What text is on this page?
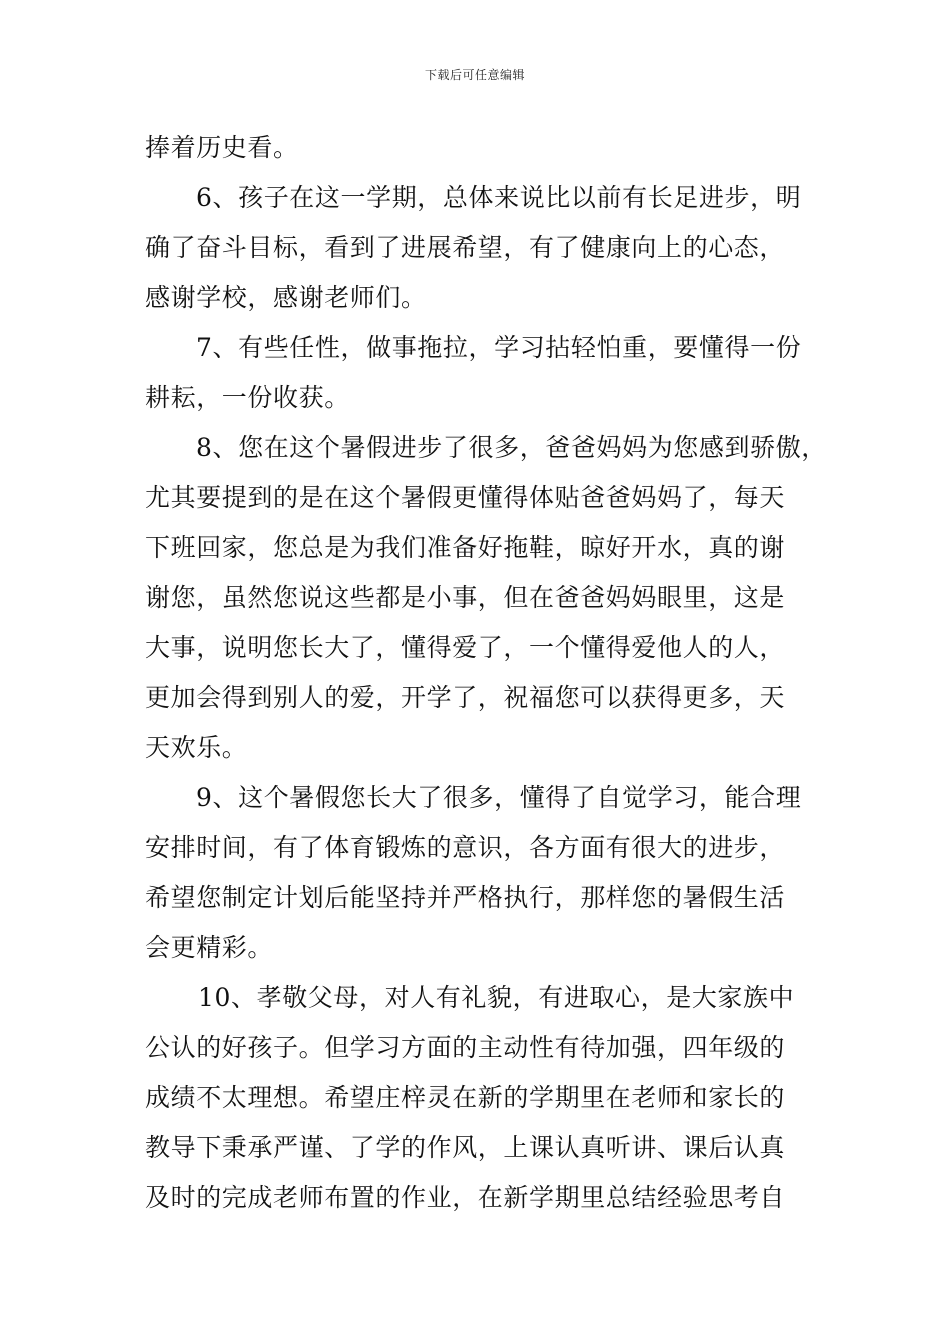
下载后可任意编辑
捧着历史看。
6、孩子在这一学期，总体来说比以前有长足进步，明
确了奋斗目标，看到了进展希望，有了健康向上的心态，
感谢学校，感谢老师们。
7、有些任性，做事拖拉，学习拈轻怕重，要懂得一份
耕耘，一份收获。
8、您在这个暑假进步了很多，爸爸妈妈为您感到骄傲，
尤其要提到的是在这个暑假更懂得体贴爸爸妈妈了，每天
下班回家，您总是为我们准备好拖鞋，晾好开水，真的谢
谢您，虽然您说这些都是小事，但在爸爸妈妈眼里，这是
大事，说明您长大了，懂得爱了，一个懂得爱他人的人，
更加会得到别人的爱，开学了，祝福您可以获得更多，天
天欢乐。
9、这个暑假您长大了很多，懂得了自觉学习，能合理
安排时间，有了体育锻炼的意识，各方面有很大的进步，
希望您制定计划后能坚持并严格执行，那样您的暑假生活
会更精彩。
10、孝敬父母，对人有礼貌，有进取心，是大家族中
公认的好孩子。但学习方面的主动性有待加强，四年级的
成绩不太理想。希望庄梓灵在新的学期里在老师和家长的
教导下秉承严谨、了学的作风，上课认真听讲、课后认真
及时的完成老师布置的作业，在新学期里总结经验思考自
